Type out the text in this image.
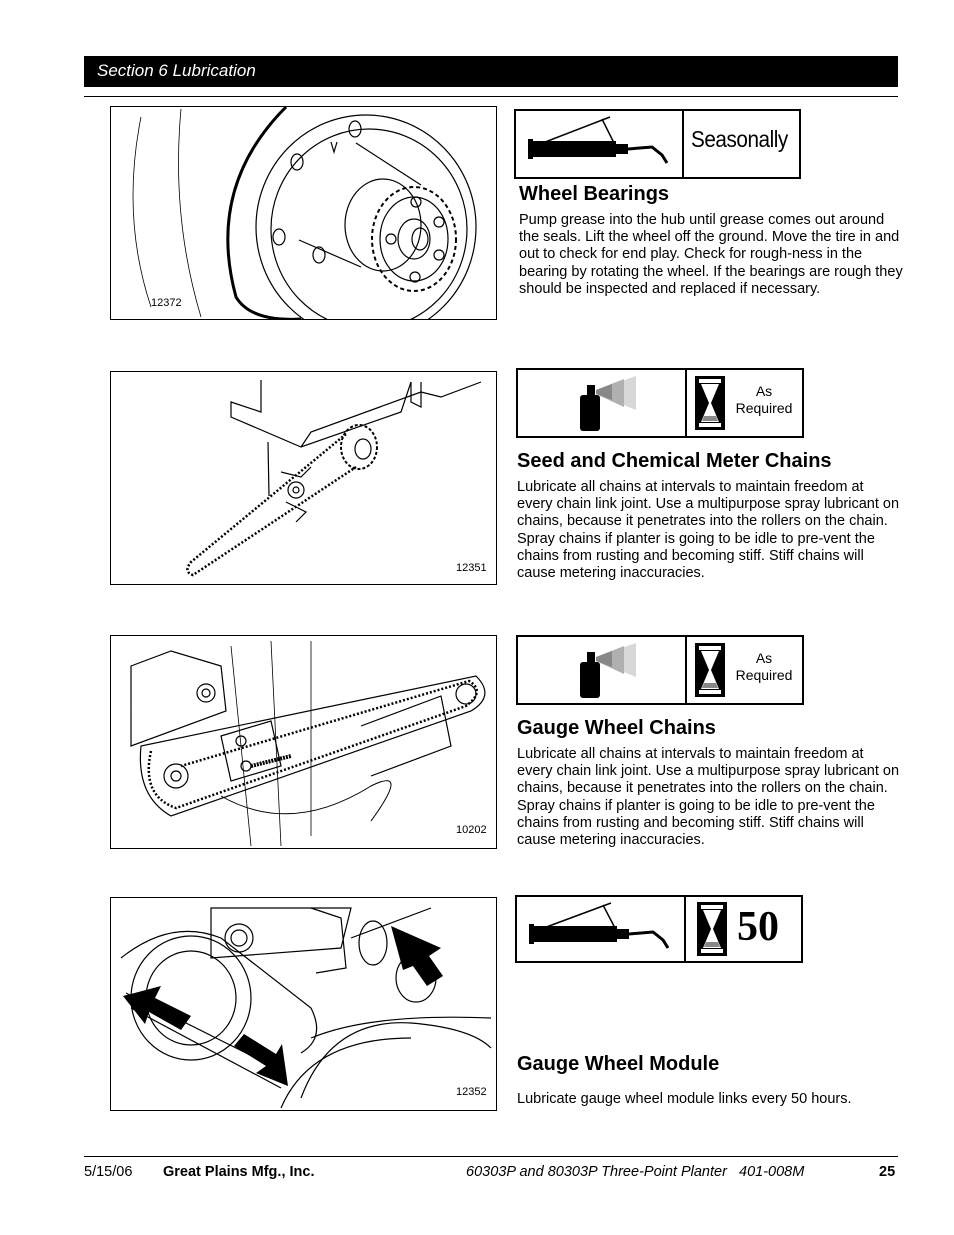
Section 6 Lubrication
12372
Seasonally
Wheel Bearings
Pump grease into the hub until grease comes out around the seals. Lift the wheel off the ground. Move the tire in and out to check for end play. Check for rough-ness in the bearing by rotating the wheel. If the bearings are rough they should be inspected and replaced if necessary.
12351
As
Required
Seed and Chemical Meter Chains
Lubricate all chains at intervals to maintain freedom at every chain link joint. Use a multipurpose spray lubricant on chains, because it penetrates into the rollers on the chain. Spray chains if planter is going to be idle to pre-vent the chains from rusting and becoming stiff. Stiff chains will cause metering inaccuracies.
10202
As
Required
Gauge Wheel Chains
Lubricate all chains at intervals to maintain freedom at every chain link joint. Use a multipurpose spray lubricant on chains, because it penetrates into the rollers on the chain. Spray chains if planter is going to be idle to pre-vent the chains from rusting and becoming stiff. Stiff chains will cause metering inaccuracies.
12352
50
Gauge Wheel Module
Lubricate gauge wheel module links every 50 hours.
5/15/06 Great Plains Mfg., Inc.	60303P and 80303P Three-Point Planter   401-008M	25
